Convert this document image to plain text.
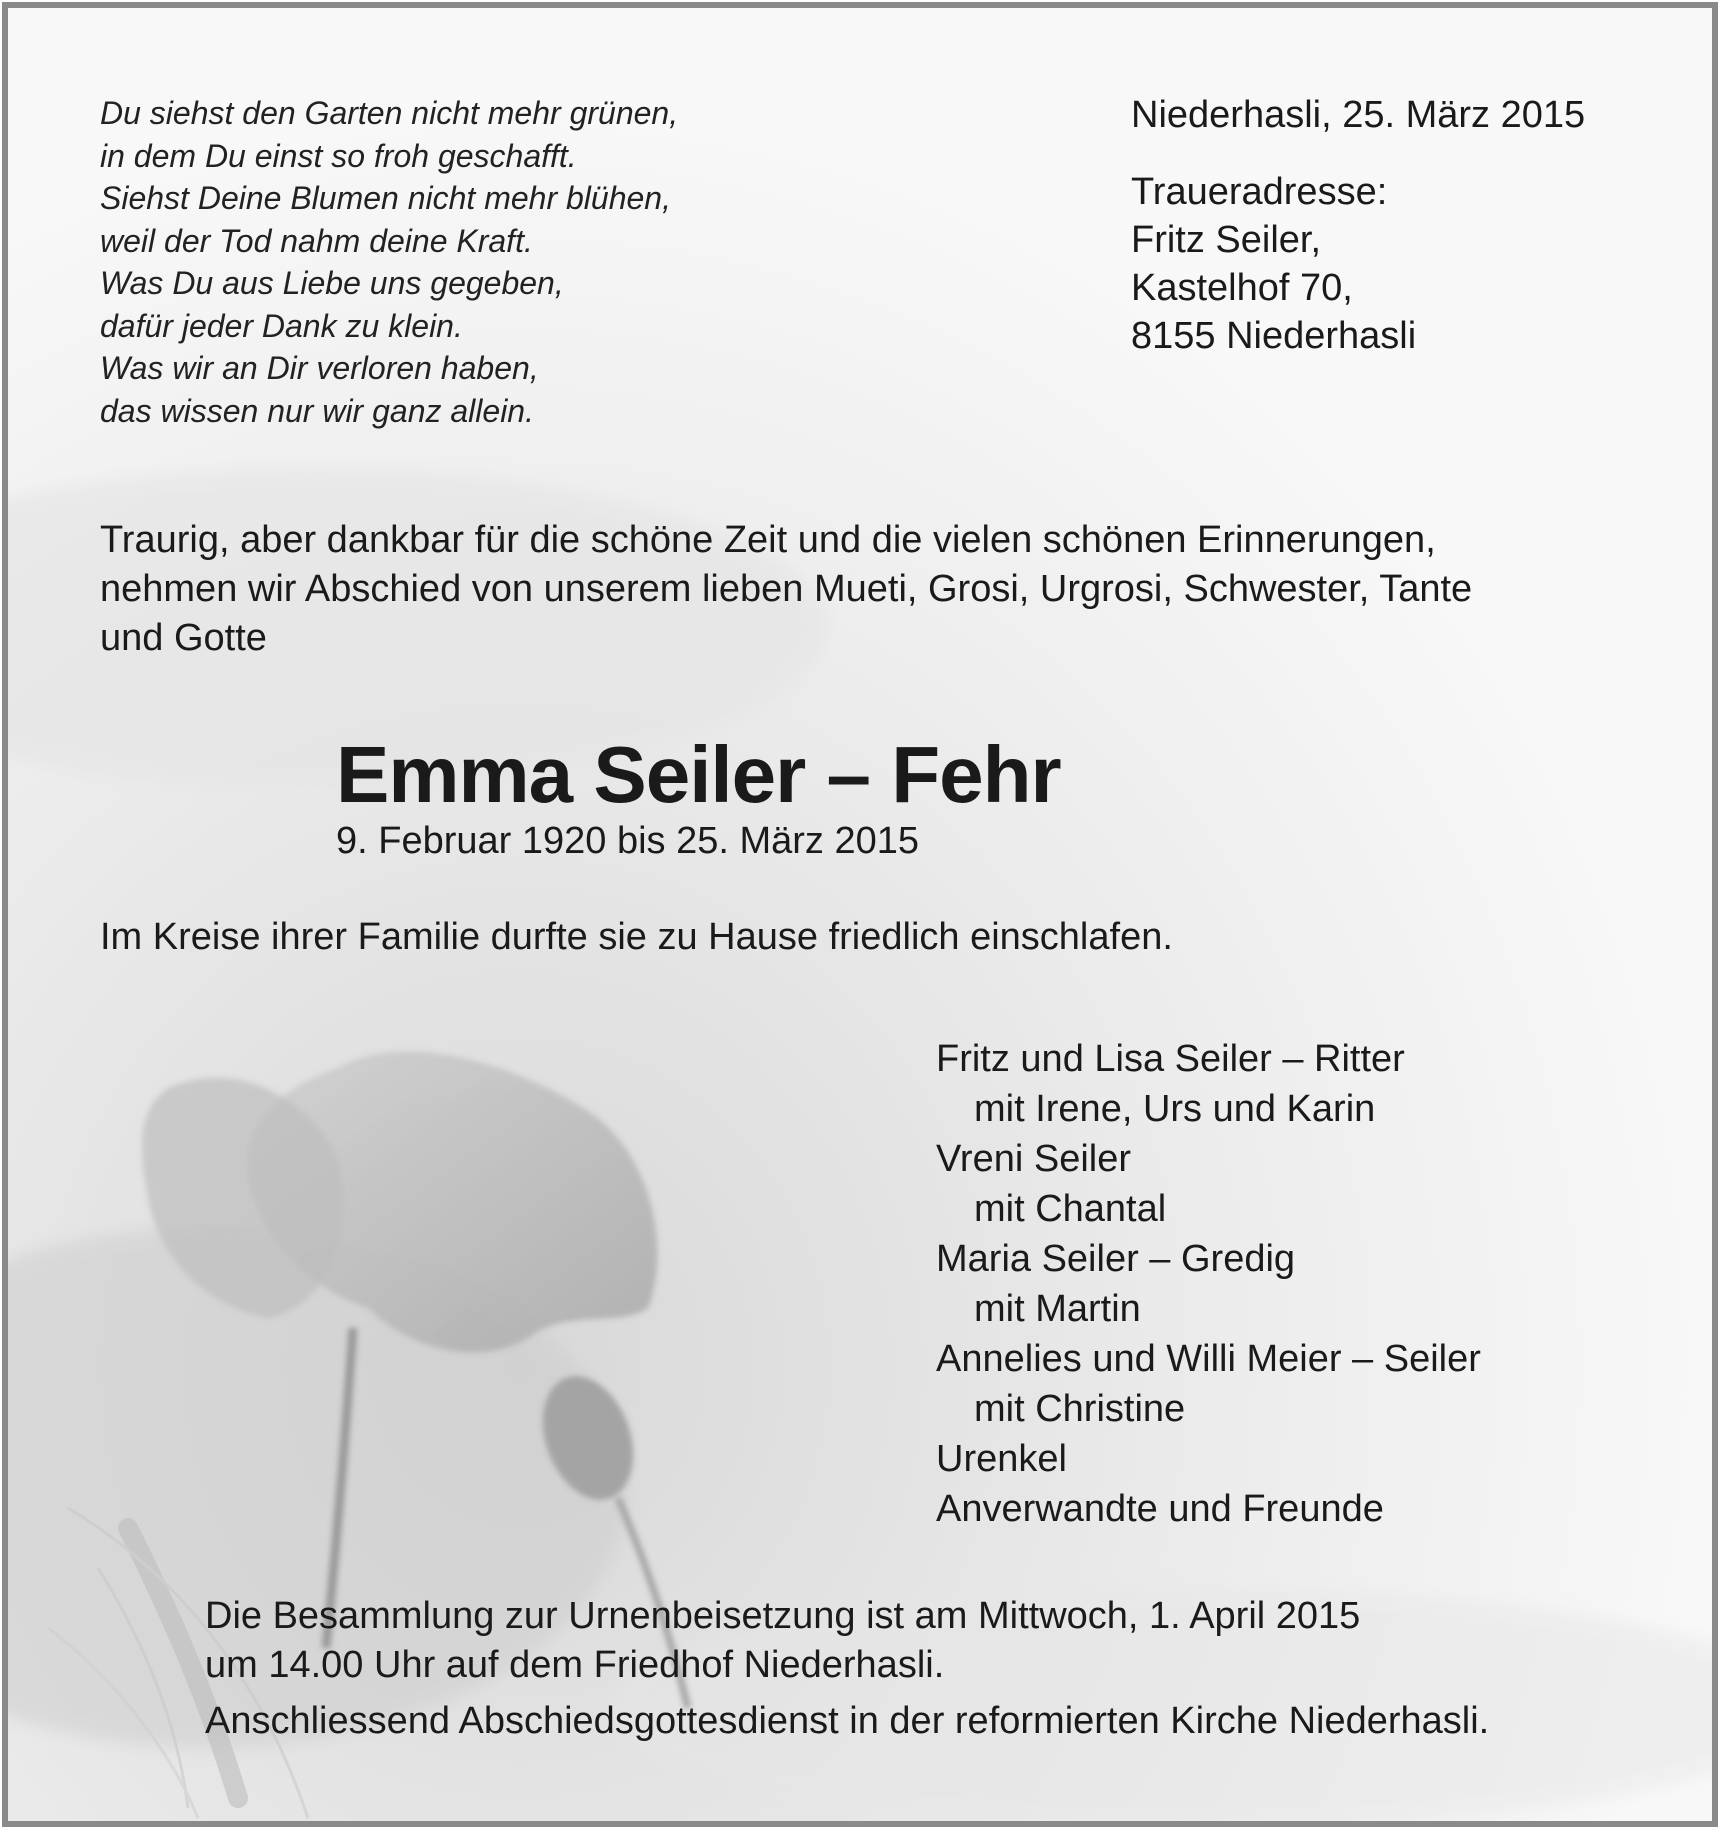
Du siehst den Garten nicht mehr grünen,
in dem Du einst so froh geschafft.
Siehst Deine Blumen nicht mehr blühen,
weil der Tod nahm deine Kraft.
Was Du aus Liebe uns gegeben,
dafür jeder Dank zu klein.
Was wir an Dir verloren haben,
das wissen nur wir ganz allein.
Niederhasli, 25. März 2015
Traueradresse:
Fritz Seiler,
Kastelhof 70,
8155 Niederhasli
Traurig, aber dankbar für die schöne Zeit und die vielen schönen Erinnerungen,
nehmen wir Abschied von unserem lieben Mueti, Grosi, Urgrosi, Schwester, Tante
und Gotte
Emma Seiler – Fehr
9. Februar 1920 bis 25. März 2015
Im Kreise ihrer Familie durfte sie zu Hause friedlich einschlafen.
Fritz und Lisa Seiler – Ritter
mit Irene, Urs und Karin
Vreni Seiler
mit Chantal
Maria Seiler – Gredig
mit Martin
Annelies und Willi Meier – Seiler
mit Christine
Urenkel
Anverwandte und Freunde
Die Besammlung zur Urnenbeisetzung ist am Mittwoch, 1. April 2015
um 14.00 Uhr auf dem Friedhof Niederhasli.
Anschliessend Abschiedsgottesdienst in der reformierten Kirche Niederhasli.
